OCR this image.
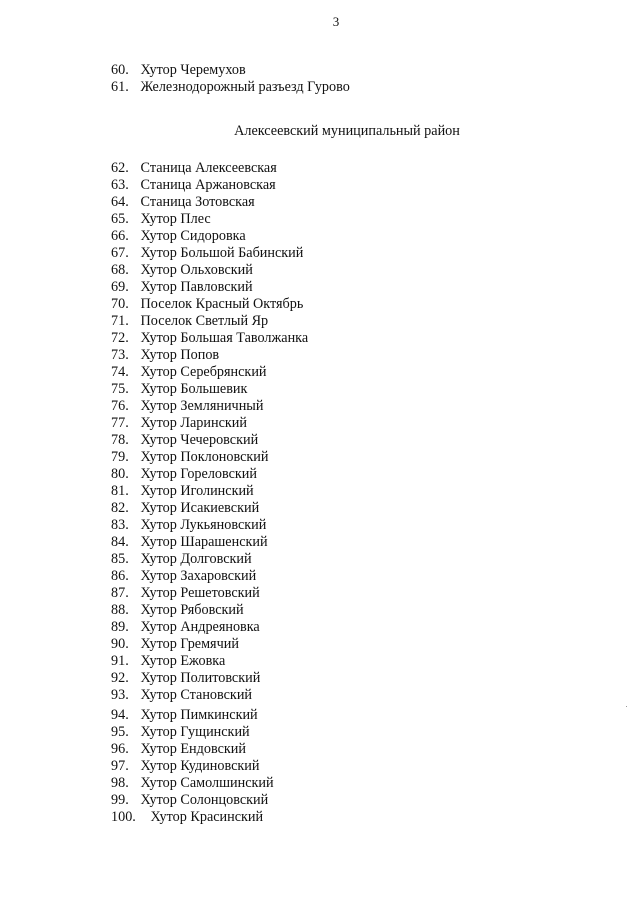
3
60. Хутор Черемухов
61. Железнодорожный разъезд Гурово
Алексеевский муниципальный район
62. Станица Алексеевская
63. Станица Аржановская
64. Станица Зотовская
65. Хутор Плес
66. Хутор Сидоровка
67. Хутор Большой Бабинский
68. Хутор Ольховский
69. Хутор Павловский
70. Поселок Красный Октябрь
71. Поселок Светлый Яр
72. Хутор Большая Таволжанка
73. Хутор Попов
74. Хутор Серебрянский
75. Хутор Большевик
76. Хутор Земляничный
77. Хутор Ларинский
78. Хутор Чечеровский
79. Хутор Поклоновский
80. Хутор Гореловский
81. Хутор Иголинский
82. Хутор Исакиевский
83. Хутор Лукьяновский
84. Хутор Шарашенский
85. Хутор Долговский
86. Хутор Захаровский
87. Хутор Решетовский
88. Хутор Рябовский
89. Хутор Андреяновка
90. Хутор Гремячий
91. Хутор Ежовка
92. Хутор Политовский
93. Хутор Становский
94. Хутор Пимкинский
95. Хутор Гущинский
96. Хутор Ендовский
97. Хутор Кудиновский
98. Хутор Самолшинский
99. Хутор Солонцовский
100. Хутор Красинский
